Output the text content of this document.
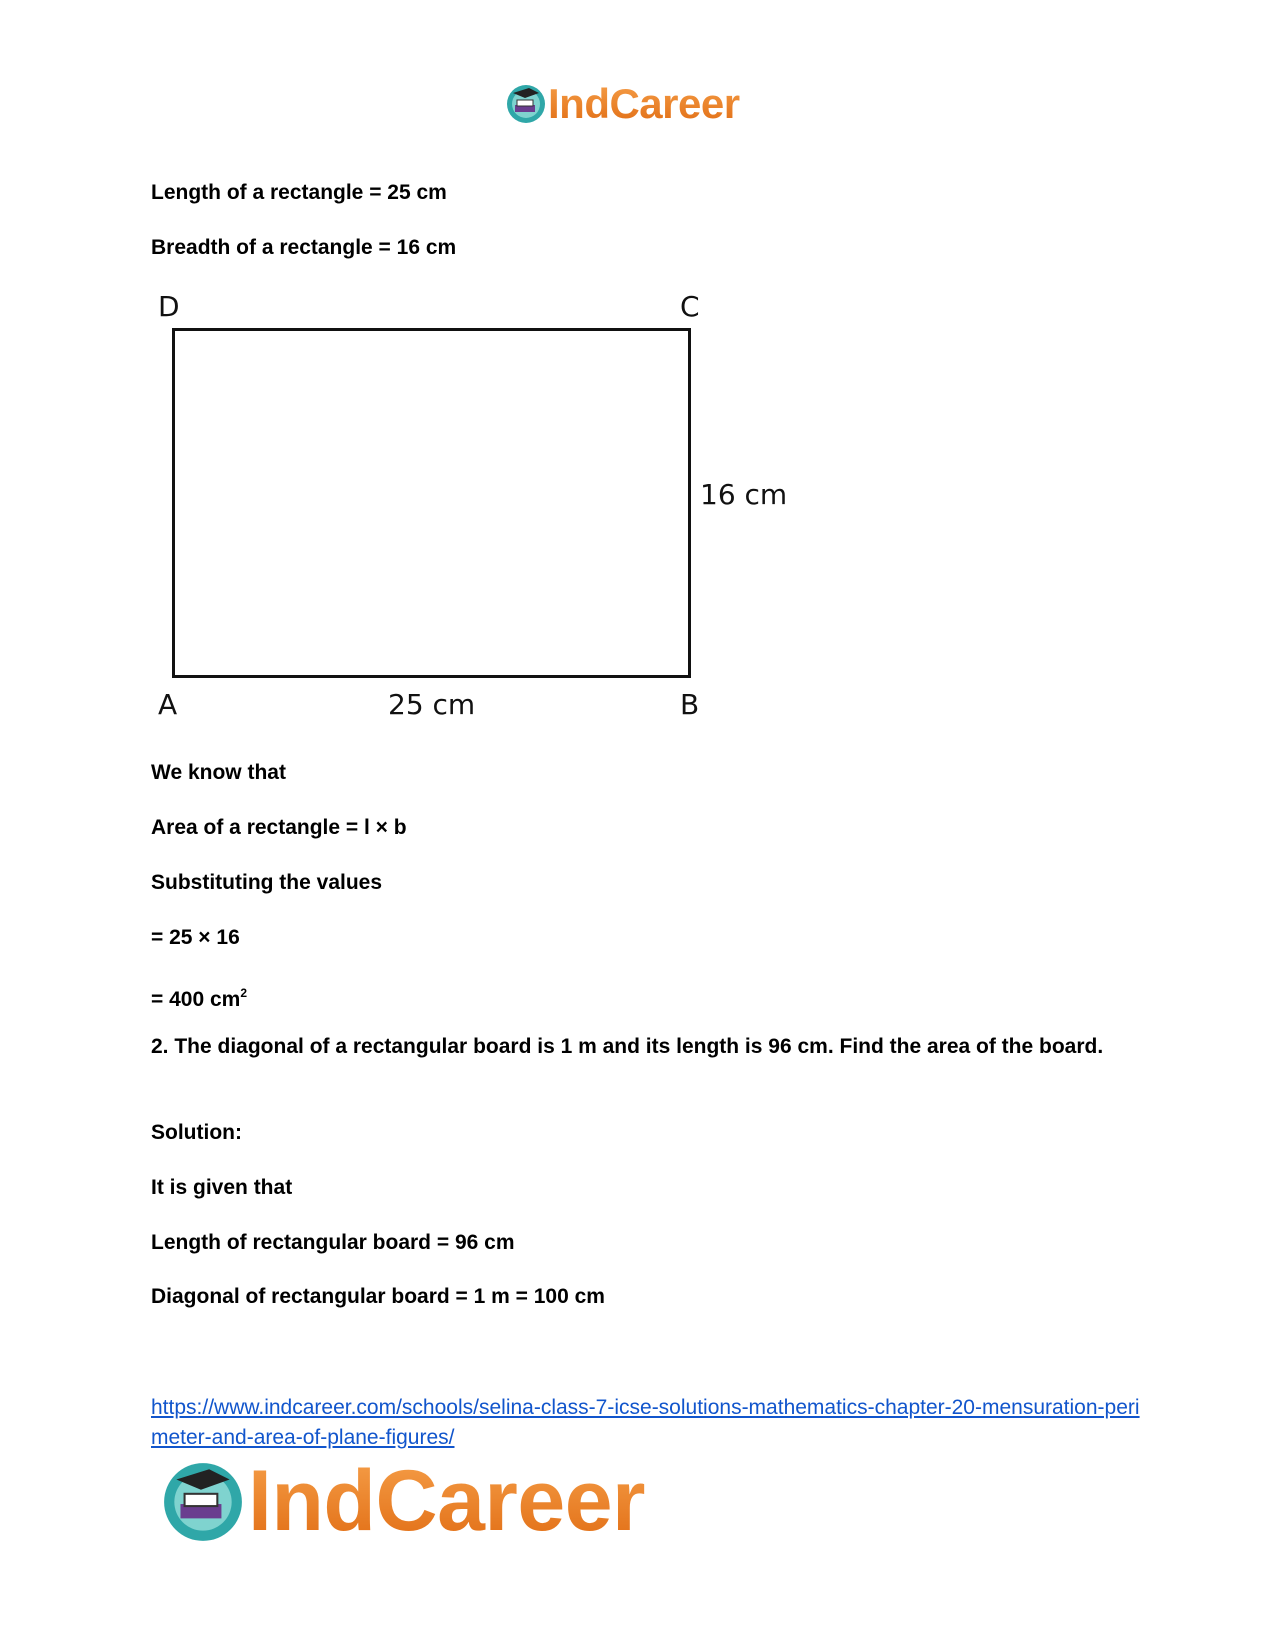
IndCareer
Length of a rectangle = 25 cm
Breadth of a rectangle = 16 cm
D	C
A	B
25 cm
16 cm
We know that
Area of a rectangle = l × b
Substituting the values
= 25 × 16
= 400 $cm^2$
2. The diagonal of a rectangular board is 1 m and its length is 96 cm. Find the area of the board.
Solution:
It is given that
Length of rectangular board = 96 cm
Diagonal of rectangular board = 1 m = 100 cm
https://www.indcareer.com/schools/selina-class-7-icse-solutions-mathematics-chapter-20-mensuration-perimeter-and-area-of-plane-figures/
IndCareer
